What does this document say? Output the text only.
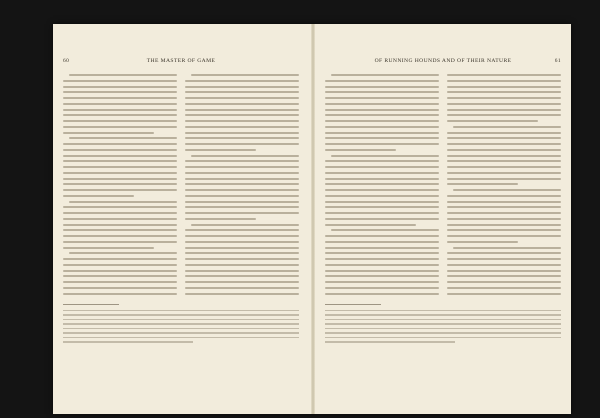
60	THE MASTER OF GAME	61
OF RUNNING HOUNDS AND OF THEIR NATURE
